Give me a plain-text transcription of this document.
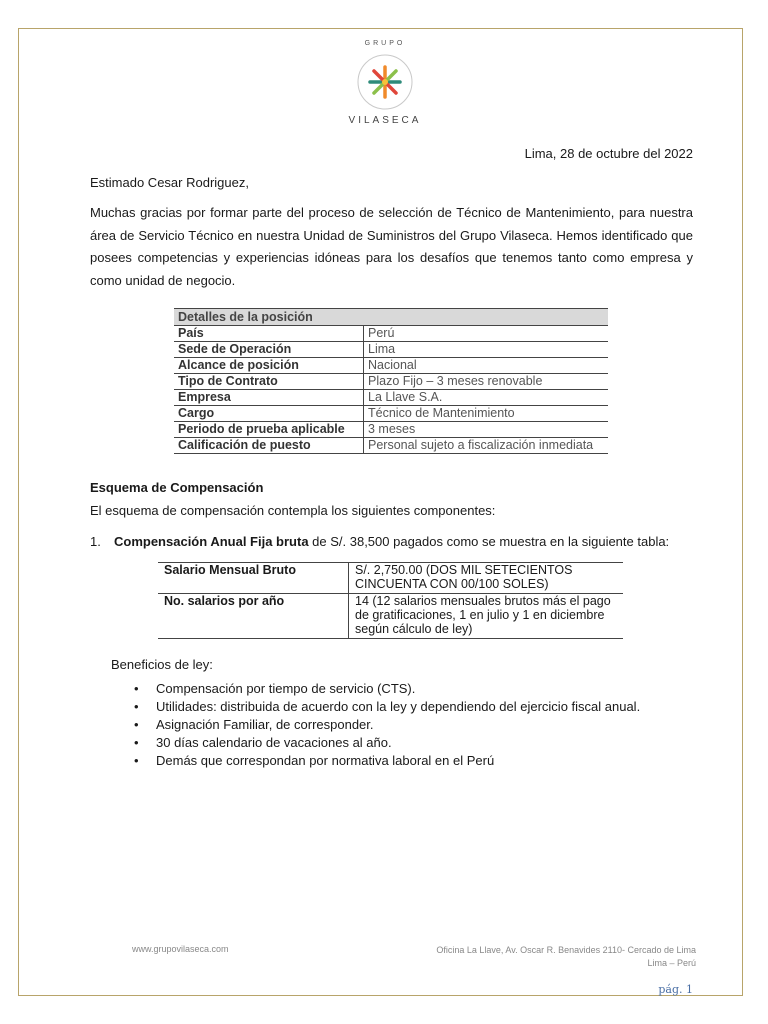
GRUPO
VILASECA
Lima, 28 de octubre del 2022
Estimado Cesar Rodriguez,
Muchas gracias por formar parte del proceso de selección de Técnico de Mantenimiento, para nuestra área de Servicio Técnico en nuestra Unidad de Suministros del Grupo Vilaseca. Hemos identificado que posees competencias y experiencias idóneas para los desafíos que tenemos tanto como empresa y como unidad de negocio.
Detalles de la posición	
País	Perú
Sede de Operación	Lima
Alcance de posición	Nacional
Tipo de Contrato	Plazo Fijo – 3 meses renovable
Empresa	La Llave S.A.
Cargo	Técnico de Mantenimiento
Periodo de prueba aplicable	3 meses
Calificación de puesto	Personal sujeto a fiscalización inmediata
Esquema de Compensación
El esquema de compensación contempla los siguientes componentes:
1. Compensación Anual Fija bruta de S/. 38,500 pagados como se muestra en la siguiente tabla:
Salario Mensual Bruto	S/. 2,750.00 (DOS MIL SETECIENTOS CINCUENTA CON 00/100 SOLES)
No. salarios por año	14 (12 salarios mensuales brutos más el pago de gratificaciones, 1 en julio y 1 en diciembre según cálculo de ley)
Beneficios de ley:
• Compensación por tiempo de servicio (CTS).
• Utilidades: distribuida de acuerdo con la ley y dependiendo del ejercicio fiscal anual.
• Asignación Familiar, de corresponder.
• 30 días calendario de vacaciones al año.
• Demás que correspondan por normativa laboral en el Perú
www.grupovilaseca.com	Oficina La Llave, Av. Oscar R. Benavides 2110- Cercado de Lima
Lima – Perú
pág. 1
